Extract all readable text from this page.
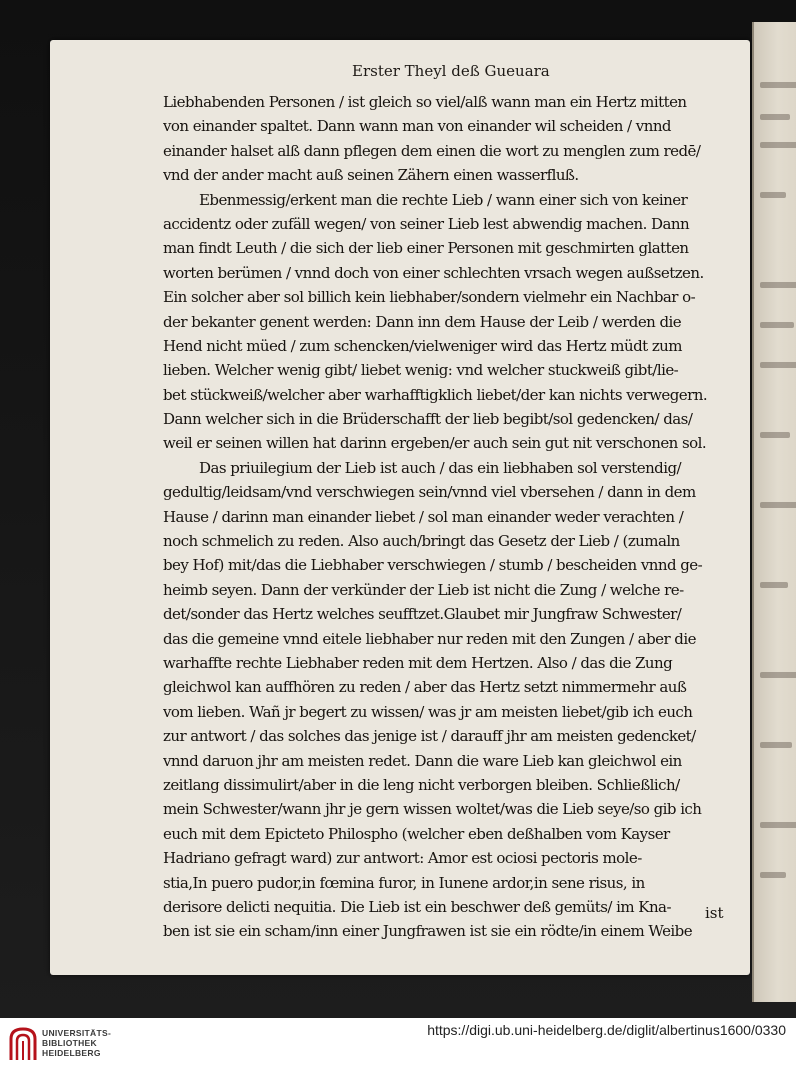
Erster Theyl deß Gueuara
Liebhabenden Personen / ist gleich so viel/alß wann man ein Hertz mitten
von einander spaltet. Dann wann man von einander wil scheiden / vnnd
einander halset alß dann pflegen dem einen die wort zu menglen zum redē/
vnd der ander macht auß seinen Zähern einen wasserfluß.
Ebenmessig/erkent man die rechte Lieb / wann einer sich von keiner
accidentz oder zufäll wegen/ von seiner Lieb lest abwendig machen. Dann
man findt Leuth / die sich der lieb einer Personen mit geschmirten glatten
worten berümen / vnnd doch von einer schlechten vrsach wegen außsetzen.
Ein solcher aber sol billich kein liebhaber/sondern vielmehr ein Nachbar o-
der bekanter genent werden: Dann inn dem Hause der Leib / werden die
Hend nicht müed / zum schencken/vielweniger wird das Hertz müdt zum
lieben. Welcher wenig gibt/ liebet wenig: vnd welcher stuckweiß gibt/lie-
bet stückweiß/welcher aber warhafftigklich liebet/der kan nichts verwegern.
Dann welcher sich in die Brüderschafft der lieb begibt/sol gedencken/ das/
weil er seinen willen hat darinn ergeben/er auch sein gut nit verschonen sol.
Das priuilegium der Lieb ist auch / das ein liebhaben sol verstendig/
gedultig/leidsam/vnd verschwiegen sein/vnnd viel vbersehen / dann in dem
Hause / darinn man einander liebet / sol man einander weder verachten /
noch schmelich zu reden. Also auch/bringt das Gesetz der Lieb / (zumaln
bey Hof) mit/das die Liebhaber verschwiegen / stumb / bescheiden vnnd ge-
heimb seyen. Dann der verkünder der Lieb ist nicht die Zung / welche re-
det/sonder das Hertz welches seufftzet.Glaubet mir Jungfraw Schwester/
das die gemeine vnnd eitele liebhaber nur reden mit den Zungen / aber die
warhaffte rechte Liebhaber reden mit dem Hertzen. Also / das die Zung
gleichwol kan auffhören zu reden / aber das Hertz setzt nimmermehr auß
vom lieben. Wañ jr begert zu wissen/ was jr am meisten liebet/gib ich euch
zur antwort / das solches das jenige ist / darauff jhr am meisten gedencket/
vnnd daruon jhr am meisten redet. Dann die ware Lieb kan gleichwol ein
zeitlang dissimulirt/aber in die leng nicht verborgen bleiben. Schließlich/
mein Schwester/wann jhr je gern wissen woltet/was die Lieb seye/so gib ich
euch mit dem Epicteto Philospho (welcher eben deßhalben vom Kayser
Hadriano gefragt ward) zur antwort: Amor est ociosi pectoris mole-
stia,In puero pudor,in fœmina furor, in Iunene ardor,in sene risus, in
derisore delicti nequitia. Die Lieb ist ein beschwer deß gemüts/ im Kna-
ben ist sie ein scham/inn einer Jungfrawen ist sie ein rödte/in einem Weibe
ist
UNIVERSITÄTS-
BIBLIOTHEK
HEIDELBERG
https://digi.ub.uni-heidelberg.de/diglit/albertinus1600/0330
